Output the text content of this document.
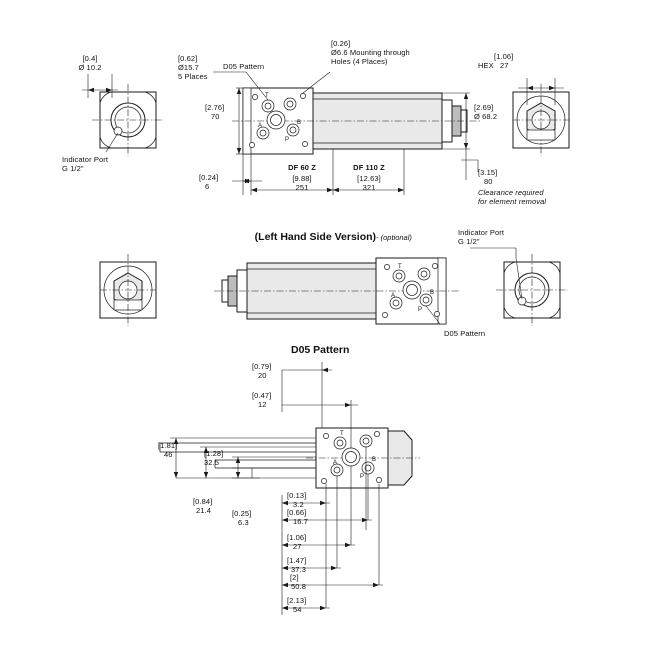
T
A	B
P
T
A	B
P
T
A	B
P
[0.4]
Ø 10.2
[0.62]
Ø15.7
5 Places
D05 Pattern
[0.26]
Ø6.6 Mounting through
Holes (4 Places)
[1.06]
27
HEX
[2.76]
70
[2.69]
Ø 68.2
Indicator Port
G 1/2"
[0.24]
6
DF 60 Z
[9.88]
251
DF 110 Z
[12.63]
321
[3.15]
80
Clearance required
for element removal

(Left Hand Side Version)- (optional)

D05 Pattern
Indicator Port
G 1/2"
D05 Pattern
[0.79]
20
[0.47]
12
[1.81]
46	[1.28]
32.5
[0.84]
21.4	[0.25]
6.3
[0.13]
3.2
[0.66]
16.7
[1.06]
27
[1.47]
37.3
[2]
50.8
[2.13]
54
